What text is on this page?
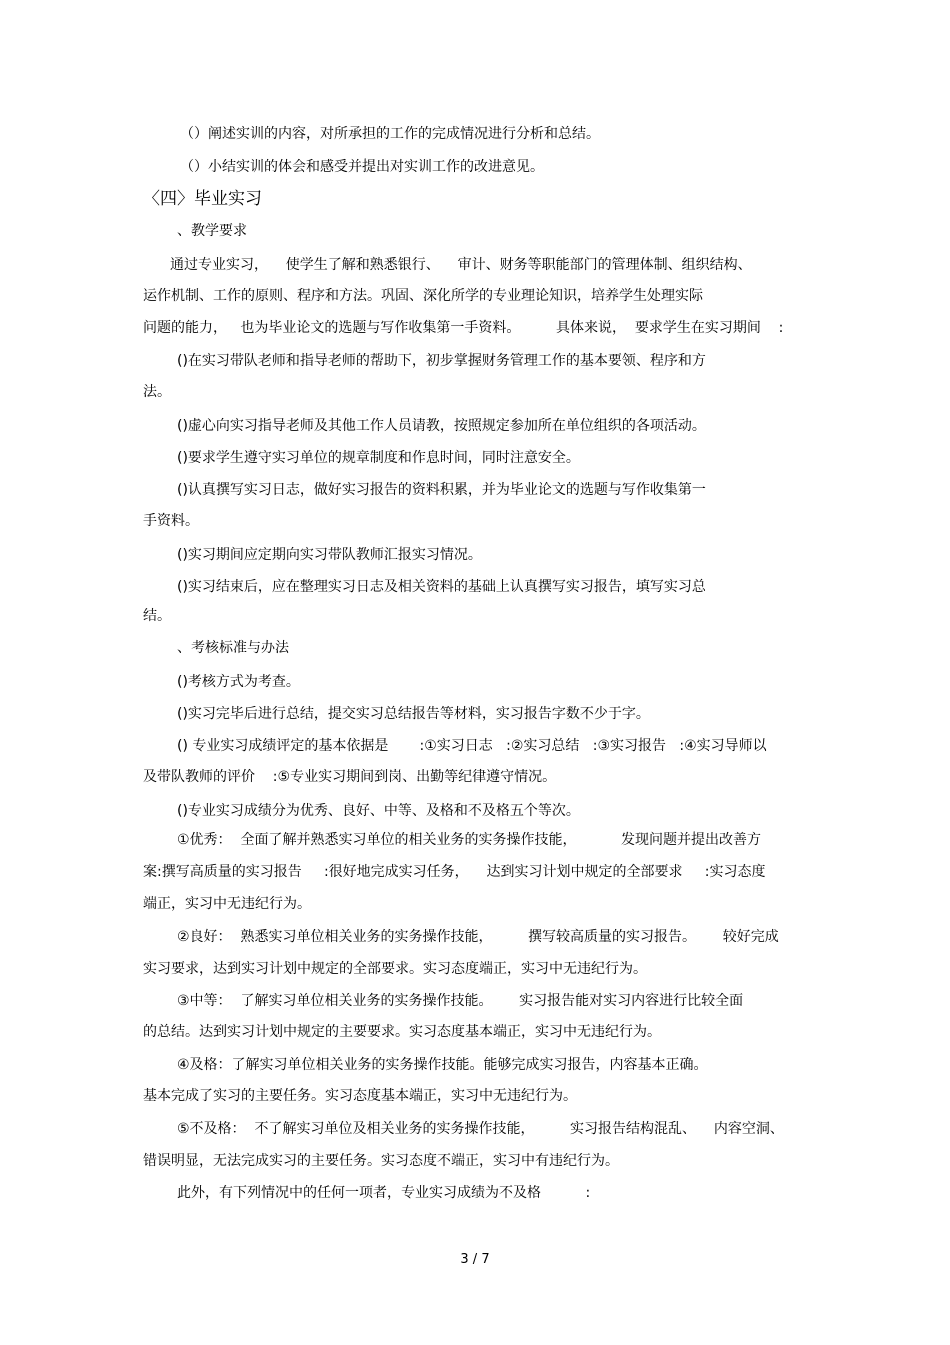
（）阐述实训的内容，对所承担的工作的完成情况进行分析和总结。

（）小结实训的体会和感受并提出对实训工作的改进意见。

〈四〉毕业实习

、教学要求

通过专业实习，    使学生了解和熟悉银行、    审计、财务等职能部门的管理体制、组织结构、

运作机制、工作的原则、程序和方法。巩固、深化所学的专业理论知识，培养学生处理实际

问题的能力，   也为毕业论文的选题与写作收集第一手资料。        具体来说，  要求学生在实习期间    :

()在实习带队老师和指导老师的帮助下，初步掌握财务管理工作的基本要领、程序和方

法。

()虚心向实习指导老师及其他工作人员请教，按照规定参加所在单位组织的各项活动。

()要求学生遵守实习单位的规章制度和作息时间，同时注意安全。

()认真撰写实习日志，做好实习报告的资料积累，并为毕业论文的选题与写作收集第一

手资料。

()实习期间应定期向实习带队教师汇报实习情况。

()实习结束后，应在整理实习日志及相关资料的基础上认真撰写实习报告，填写实习总

结。

、考核标准与办法

()考核方式为考查。

()实习完毕后进行总结，提交实习总结报告等材料，实习报告字数不少于字。

() 专业实习成绩评定的基本依据是       :①实习日志   :②实习总结   :③实习报告   :④实习导师以

及带队教师的评价    :⑤专业实习期间到岗、出勤等纪律遵守情况。

()专业实习成绩分为优秀、良好、中等、及格和不及格五个等次。

①优秀：  全面了解并熟悉实习单位的相关业务的实务操作技能，          发现问题并提出改善方

案:撰写高质量的实习报告     :很好地完成实习任务，    达到实习计划中规定的全部要求     :实习态度

端正，实习中无违纪行为。

②良好：  熟悉实习单位相关业务的实务操作技能，        撰写较高质量的实习报告。      较好完成

实习要求，达到实习计划中规定的全部要求。实习态度端正，实习中无违纪行为。

③中等：  了解实习单位相关业务的实务操作技能。      实习报告能对实习内容进行比较全面

的总结。达到实习计划中规定的主要要求。实习态度基本端正，实习中无违纪行为。

④及格：了解实习单位相关业务的实务操作技能。能够完成实习报告，内容基本正确。

基本完成了实习的主要任务。实习态度基本端正，实习中无违纪行为。

⑤不及格：  不了解实习单位及相关业务的实务操作技能，        实习报告结构混乱、    内容空洞、

错误明显，无法完成实习的主要任务。实习态度不端正，实习中有违纪行为。

此外，有下列情况中的任何一项者，专业实习成绩为不及格          :

3 / 7
